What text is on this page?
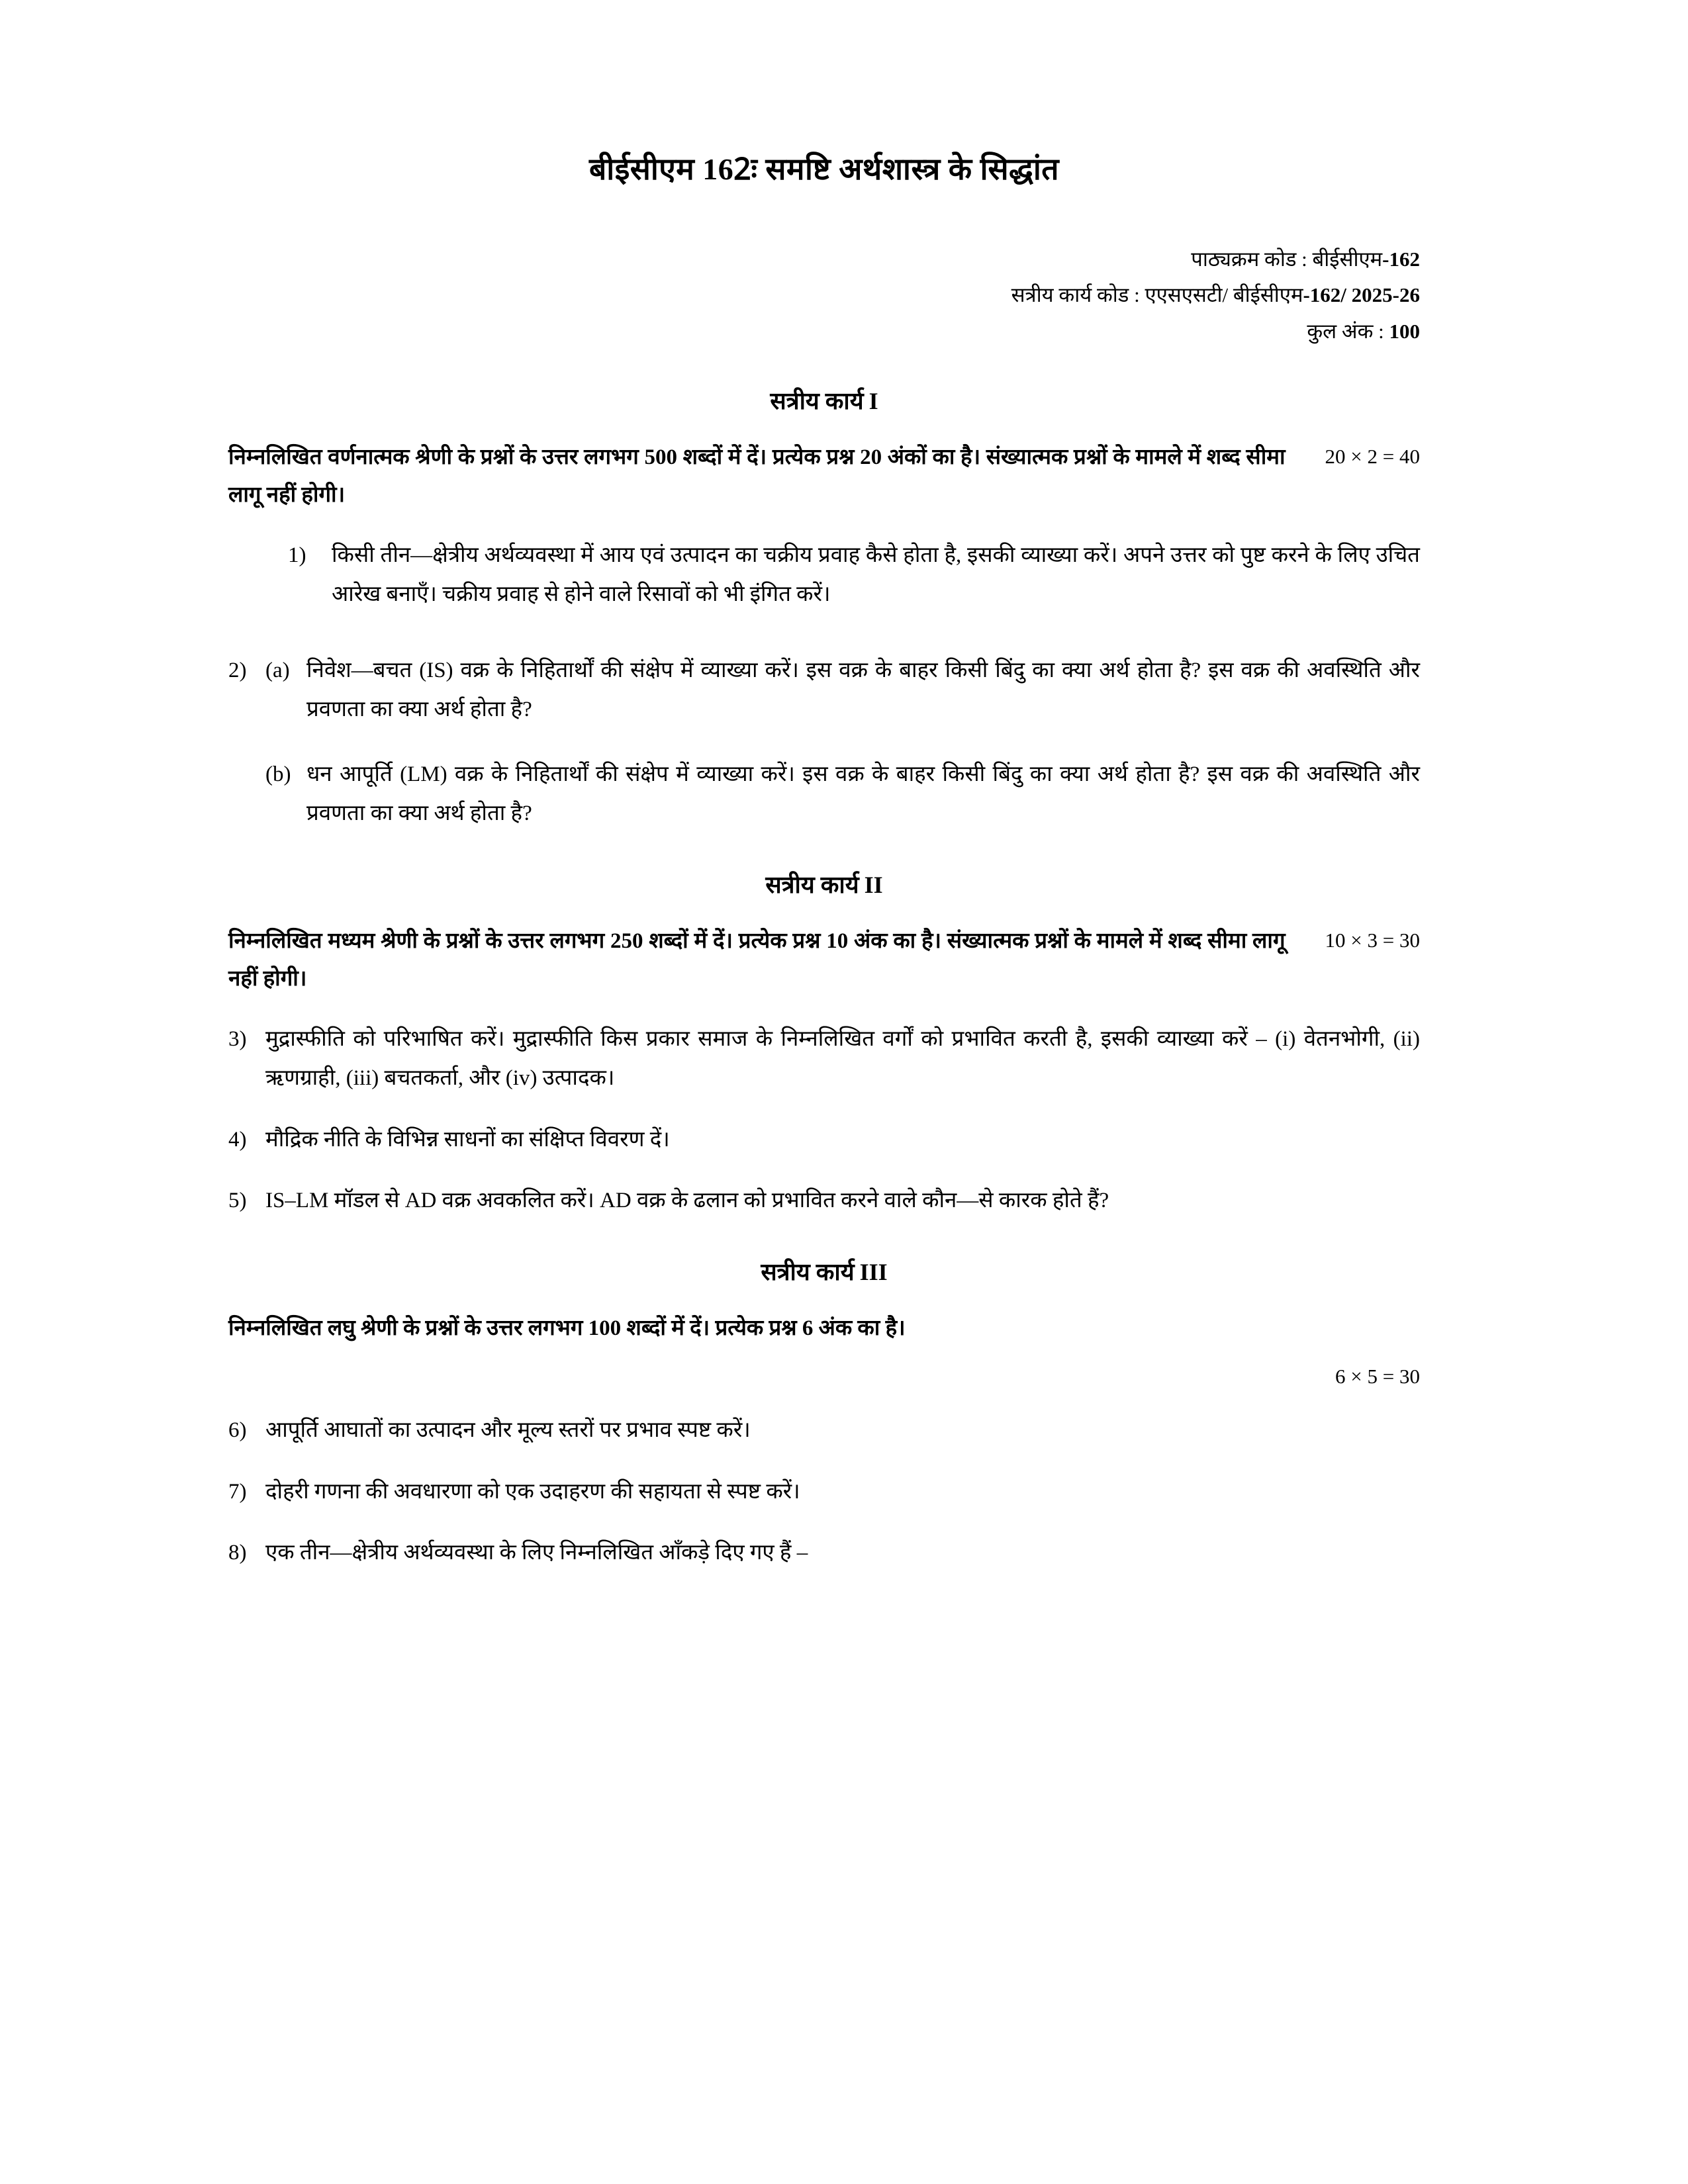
बीईसीएम 162ः समष्टि अर्थशास्त्र के सिद्धांत
पाठ्यक्रम कोड : बीईसीएम-162
सत्रीय कार्य कोड : एएसएसटी/ बीईसीएम-162/ 2025-26
कुल अंक : 100
सत्रीय कार्य I

20 × 2 = 40
निम्नलिखित वर्णनात्मक श्रेणी के प्रश्नों के उत्तर लगभग 500 शब्दों में दें। प्रत्येक प्रश्न 20 अंकों का है। संख्यात्मक प्रश्नों के मामले में शब्द सीमा लागू नहीं होगी।

1)	किसी तीन—क्षेत्रीय अर्थव्यवस्था में आय एवं उत्पादन का चक्रीय प्रवाह कैसे होता है, इसकी व्याख्या करें। अपने उत्तर को पुष्ट करने के लिए उचित आरेख बनाएँ। चक्रीय प्रवाह से होने वाले रिसावों को भी इंगित करें।

2) (a) निवेश—बचत (IS) वक्र के निहितार्थों की संक्षेप में व्याख्या करें। इस वक्र के बाहर किसी बिंदु का क्या अर्थ होता है? इस वक्र की अवस्थिति और प्रवणता का क्या अर्थ होता है?
(b) धन आपूर्ति (LM) वक्र के निहितार्थों की संक्षेप में व्याख्या करें। इस वक्र के बाहर किसी बिंदु का क्या अर्थ होता है? इस वक्र की अवस्थिति और प्रवणता का क्या अर्थ होता है?
सत्रीय कार्य II

10 × 3 = 30
निम्नलिखित मध्यम श्रेणी के प्रश्नों के उत्तर लगभग 250 शब्दों में दें। प्रत्येक प्रश्न 10 अंक का है। संख्यात्मक प्रश्नों के मामले में शब्द सीमा लागू नहीं होगी।

3) मुद्रास्फीति को परिभाषित करें। मुद्रास्फीति किस प्रकार समाज के निम्नलिखित वर्गों को प्रभावित करती है, इसकी व्याख्या करें – (i) वेतनभोगी, (ii) ऋणग्राही, (iii) बचतकर्ता, और (iv) उत्पादक।

4) मौद्रिक नीति के विभिन्न साधनों का संक्षिप्त विवरण दें।

5) IS–LM मॉडल से AD वक्र अवकलित करें। AD वक्र के ढलान को प्रभावित करने वाले कौन—से कारक होते हैं?

सत्रीय कार्य III

निम्नलिखित लघु श्रेणी के प्रश्नों के उत्तर लगभग 100 शब्दों में दें। प्रत्येक प्रश्न 6 अंक का है।

6 × 5 = 30
6) आपूर्ति आघातों का उत्पादन और मूल्य स्तरों पर प्रभाव स्पष्ट करें।

7) दोहरी गणना की अवधारणा को एक उदाहरण की सहायता से स्पष्ट करें।

8) एक तीन—क्षेत्रीय अर्थव्यवस्था के लिए निम्नलिखित आँकड़े दिए गए हैं –
